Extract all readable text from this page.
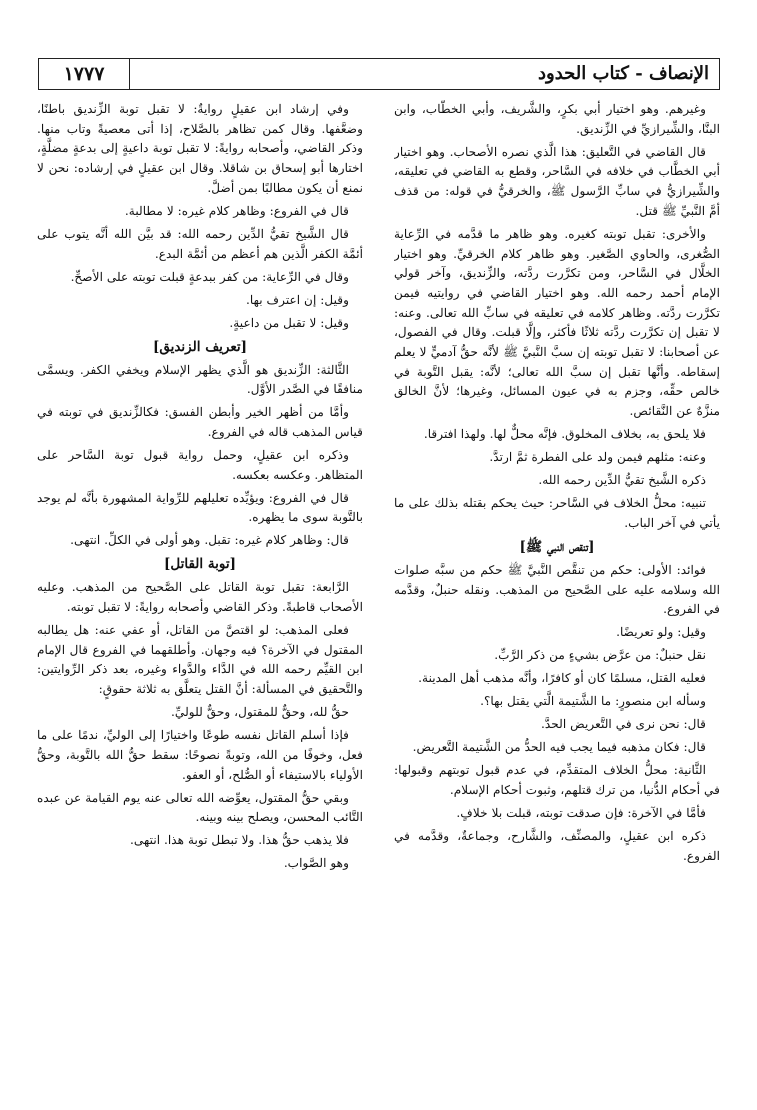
الإنصاف - كتاب الحدود
١٧٧٧

وغيرهم. وهو اختيار أبي بكرٍ، والشَّريف، وأبي الخطَّاب، وابن البنَّا، والشِّيرازيِّ في الزِّنديق.

قال القاضي في التَّعليق: هذا الَّذي نصره الأصحاب. وهو اختيار أبي الخطَّاب في خلافه في السَّاحر، وقطع به القاضي في تعليقه، والشِّيرازيُّ في سابِّ الرَّسول ﷺ، والخرقيُّ في قوله: من قذف أمَّ النَّبيِّ ﷺ قتل.

والأخرى: تقبل توبته كغيره. وهو ظاهر ما قدَّمه في الرِّعاية الصُّغرى، والحاوي الصَّغير. وهو ظاهر كلام الخرقيِّ. وهو اختيار الخلَّال في السَّاحر، ومن تكرَّرت ردَّته، والزِّنديق، وآخر قولي الإمام أحمد رحمه الله. وهو اختيار القاضي في روايتيه فيمن تكرَّرت ردَّته. وظاهر كلامه في تعليقه في سابِّ الله تعالى. وعنه: لا تقبل إن تكرَّرت ردَّته ثلاثًا فأكثر، وإلَّا قبلت. وقال في الفصول، عن أصحابنا: لا تقبل توبته إن سبَّ النَّبيَّ ﷺ لأنَّه حقُّ آدميٍّ لا يعلم إسقاطه. وأنَّها تقبل إن سبَّ الله تعالى؛ لأنَّه: يقبل التَّوبة في خالص حقِّه، وجزم به في عيون المسائل، وغيرها؛ لأنَّ الخالق منزَّهٌ عن النَّقائص.

فلا يلحق به، بخلاف المخلوق. فإنَّه محلٌّ لها. ولهذا افترقا.

وعنه: مثلهم فيمن ولد على الفطرة ثمَّ ارتدَّ.

ذكره الشَّيخ تقيُّ الدِّين رحمه الله.

تنبيه: محلُّ الخلاف في السَّاحر: حيث يحكم بقتله بذلك على ما يأتي في آخر الباب.

[تنقص النبي ﷺ]

فوائد: الأولى: حكم من تنقَّص النَّبيَّ ﷺ حكم من سبَّه صلوات الله وسلامه عليه على الصَّحيح من المذهب. ونقله حنبلٌ، وقدَّمه في الفروع.

وقيل: ولو تعريضًا.

نقل حنبلٌ: من عرَّض بشيءٍ من ذكر الرَّبِّ.

فعليه القتل، مسلمًا كان أو كافرًا، وأنَّه مذهب أهل المدينة.

وسأله ابن منصورٍ: ما الشَّتيمة الَّتي يقتل بها؟.

قال: نحن نرى في التَّعريض الحدَّ.

قال: فكان مذهبه فيما يجب فيه الحدُّ من الشَّتيمة التَّعريض.

الثَّانية: محلُّ الخلاف المتقدِّم، في عدم قبول توبتهم وقبولها: في أحكام الدُّنيا، من ترك قتلهم، وثبوت أحكام الإسلام.

فأمَّا في الآخرة: فإن صدقت توبته، قبلت بلا خلافٍ.

ذكره ابن عقيلٍ، والمصنِّف، والشَّارح، وجماعةٌ، وقدَّمه في الفروع.

وفي إرشاد ابن عقيلٍ روايةٌ: لا تقبل توبة الزِّنديق باطنًا، وضعَّفها. وقال كمن تظاهر بالصَّلاح، إذا أتى معصيةً وتاب منها. وذكر القاضي، وأصحابه روايةً: لا تقبل توبة داعيةٍ إلى بدعةٍ مضلَّةٍ، اختارها أبو إسحاق بن شاقلا. وقال ابن عقيلٍ في إرشاده: نحن لا نمنع أن يكون مطالبًا بمن أضلَّ.

قال في الفروع: وظاهر كلام غيره: لا مطالبة.

قال الشَّيخ تقيُّ الدِّين رحمه الله: قد بيَّن الله أنَّه يتوب على أئمَّة الكفر الَّذين هم أعظم من أئمَّة البدع.

وقال في الرِّعاية: من كفر ببدعةٍ قبلت توبته على الأصحِّ.

وقيل: إن اعترف بها.

وقيل: لا تقبل من داعيةٍ.

[تعريف الزنديق]

الثَّالثة: الزِّنديق هو الَّذي يظهر الإسلام ويخفي الكفر. ويسمَّى منافقًا في الصَّدر الأوَّل.

وأمَّا من أظهر الخير وأبطن الفسق: فكالزِّنديق في توبته في قياس المذهب قاله في الفروع.

وذكره ابن عقيلٍ، وحمل رواية قبول توبة السَّاحر على المتظاهر. وعكسه بعكسه.

قال في الفروع: ويؤيِّده تعليلهم للرِّواية المشهورة بأنَّه لم يوجد بالتَّوبة سوى ما يظهره.

قال: وظاهر كلام غيره: تقبل. وهو أولى في الكلِّ. انتهى.

[توبة القاتل]

الرَّابعة: تقبل توبة القاتل على الصَّحيح من المذهب. وعليه الأصحاب قاطبةً. وذكر القاضي وأصحابه روايةً: لا تقبل توبته.

فعلى المذهب: لو اقتصَّ من القاتل، أو عفي عنه: هل يطالبه المقتول في الآخرة؟ فيه وجهان. وأطلقهما في الفروع قال الإمام ابن القيِّم رحمه الله في الدَّاء والدَّواء وغيره، بعد ذكر الرِّوايتين: والتَّحقيق في المسألة: أنَّ القتل يتعلَّق به ثلاثة حقوقٍ:

حقُّ لله، وحقٌّ للمقتول، وحقٌّ للوليِّ.

فإذا أسلم القاتل نفسه طوعًا واختيارًا إلى الوليِّ، ندمًا على ما فعل، وخوفًا من الله، وتوبةً نصوحًا: سقط حقُّ الله بالتَّوبة، وحقُّ الأولياء بالاستيفاء أو الصُّلح، أو العفو.

وبقي حقُّ المقتول، يعوِّضه الله تعالى عنه يوم القيامة عن عبده التَّائب المحسن، ويصلح بينه وبينه.

فلا يذهب حقُّ هذا. ولا تبطل توبة هذا. انتهى.

وهو الصَّواب.
